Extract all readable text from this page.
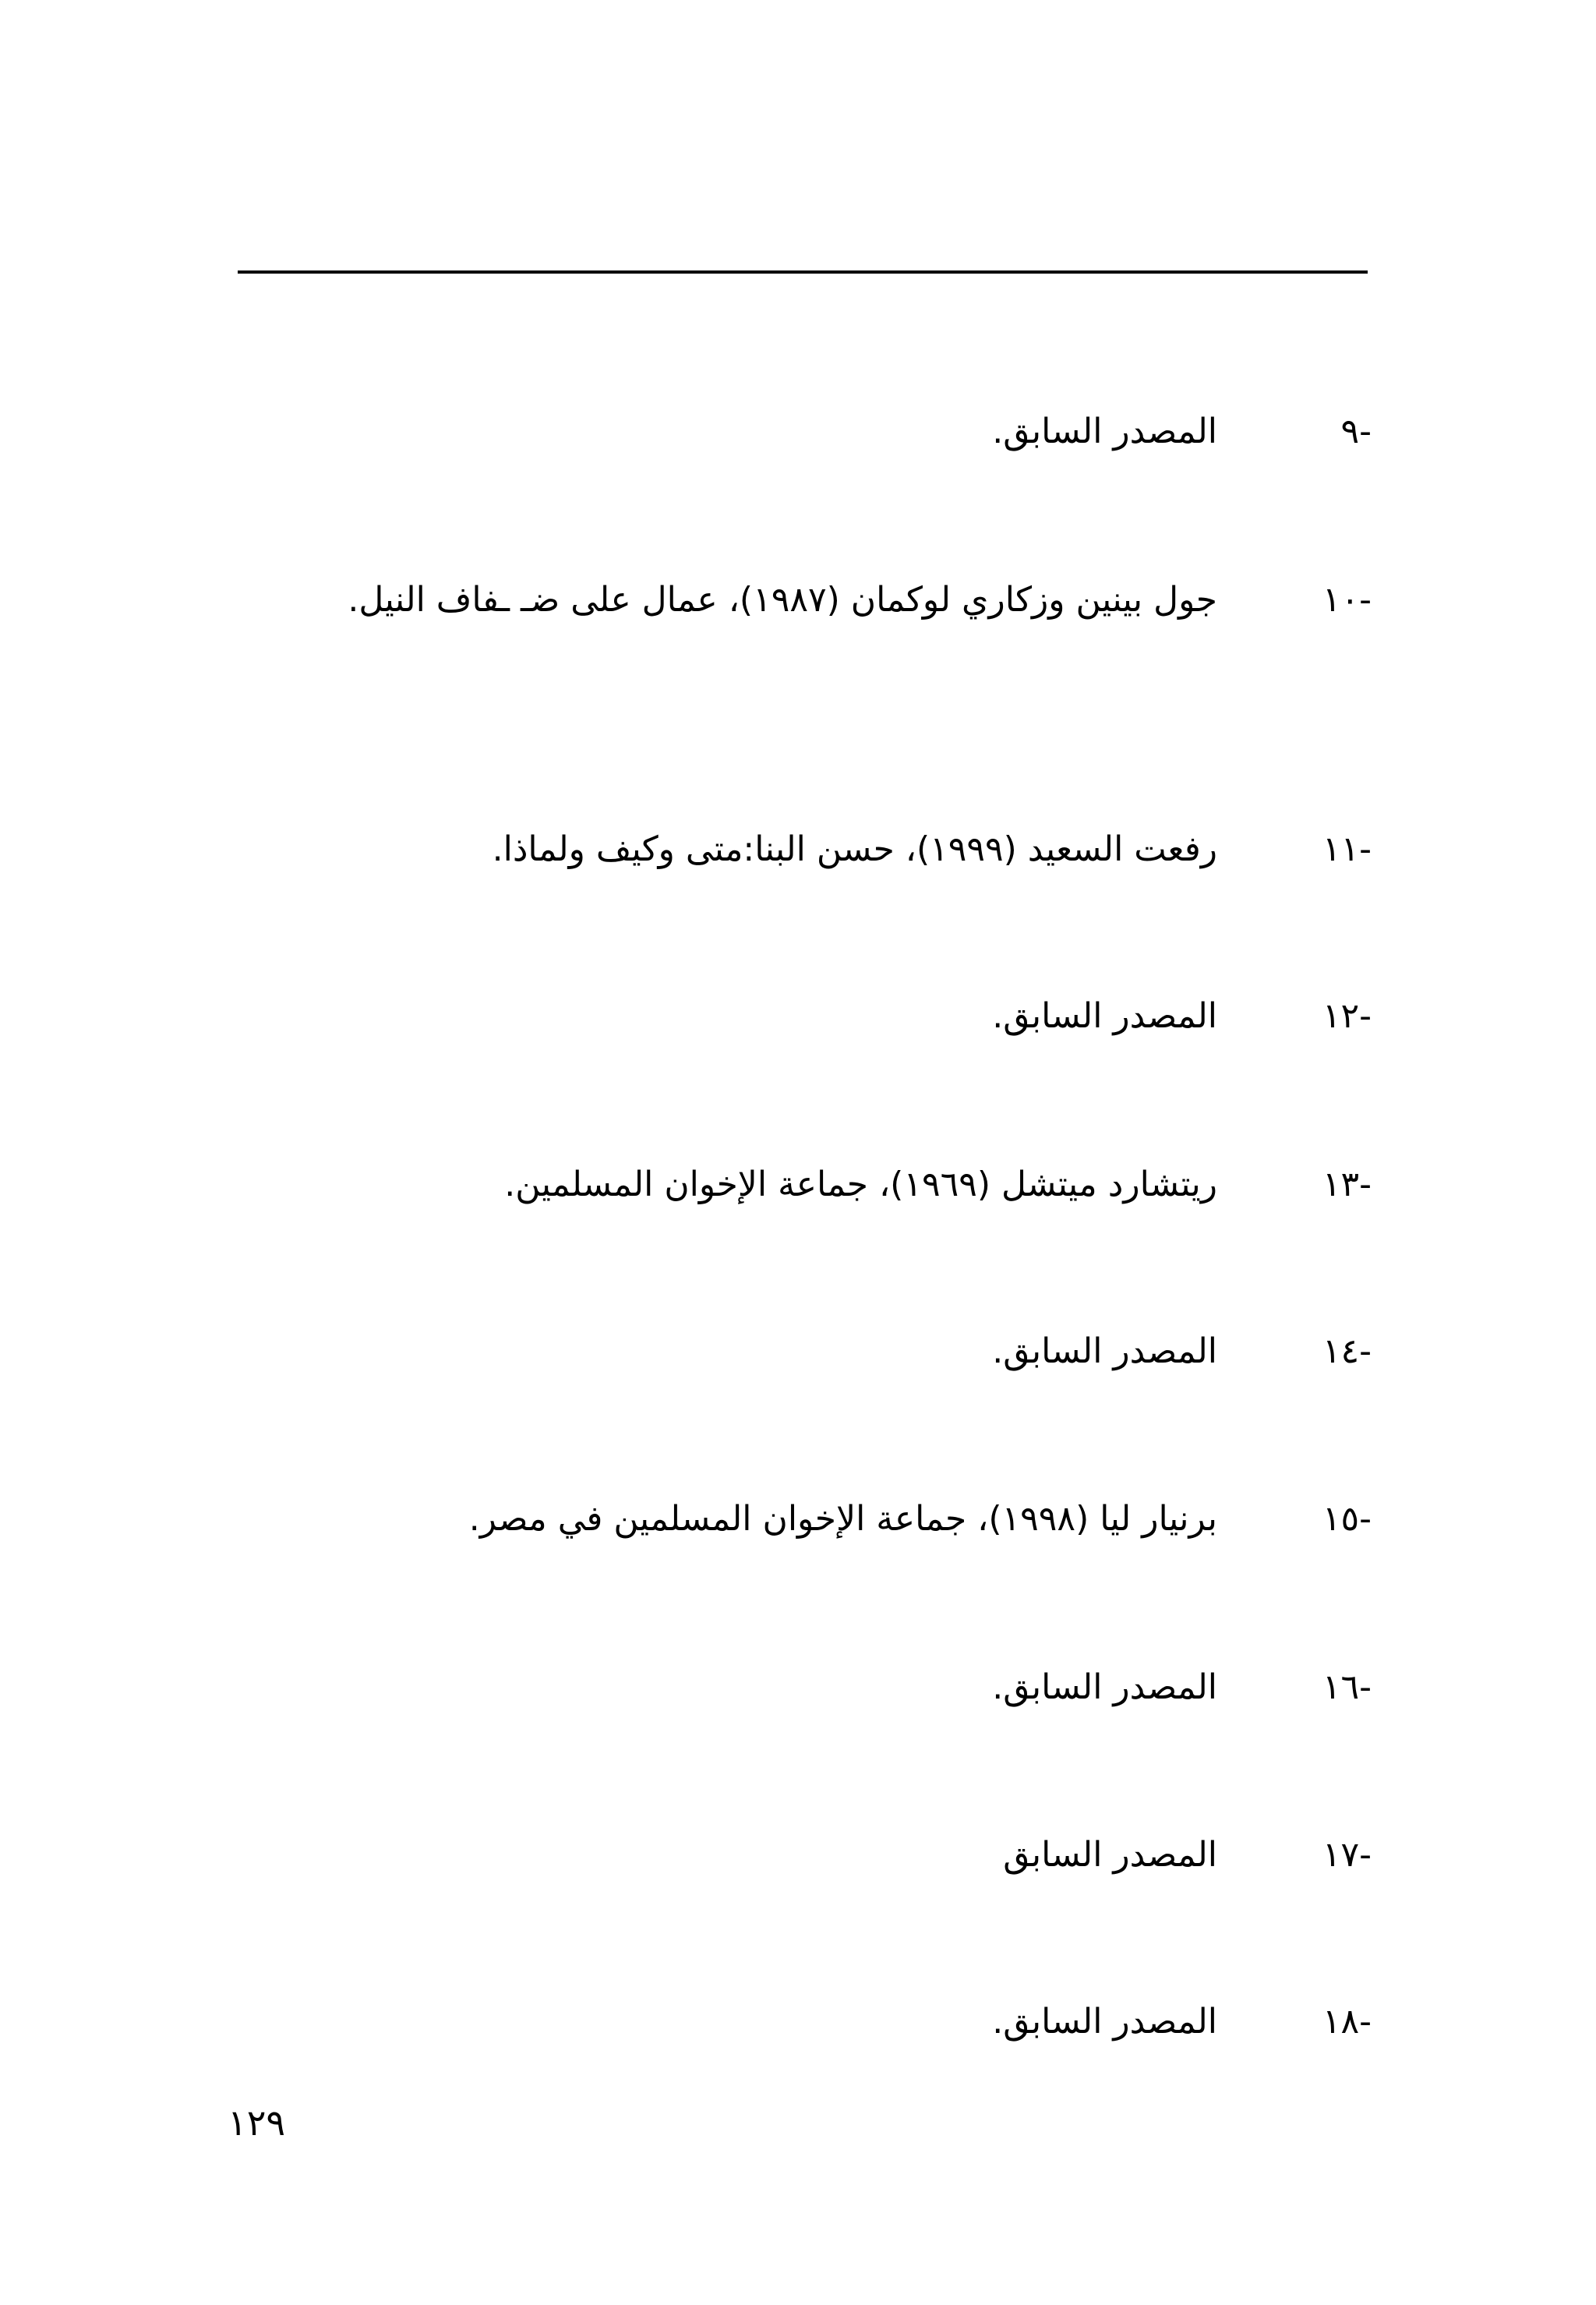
-٩
المصدر السابق.
-١٠
جول بينين وزكاري لوكمان (١٩٨٧)، عمال على ضـ ـفاف النيل.
-١١
رفعت السعيد (١٩٩٩)، حسن البنا:متى وكيف ولماذا.
-١٢
المصدر السابق.
-١٣
ريتشارد ميتشل (١٩٦٩)، جماعة الإخوان المسلمين.
-١٤
المصدر السابق.
-١٥
برنيار ليا (١٩٩٨)، جماعة الإخوان المسلمين في مصر.
-١٦
المصدر السابق.
-١٧
المصدر السابق
-١٨
المصدر السابق.
١٢٩
